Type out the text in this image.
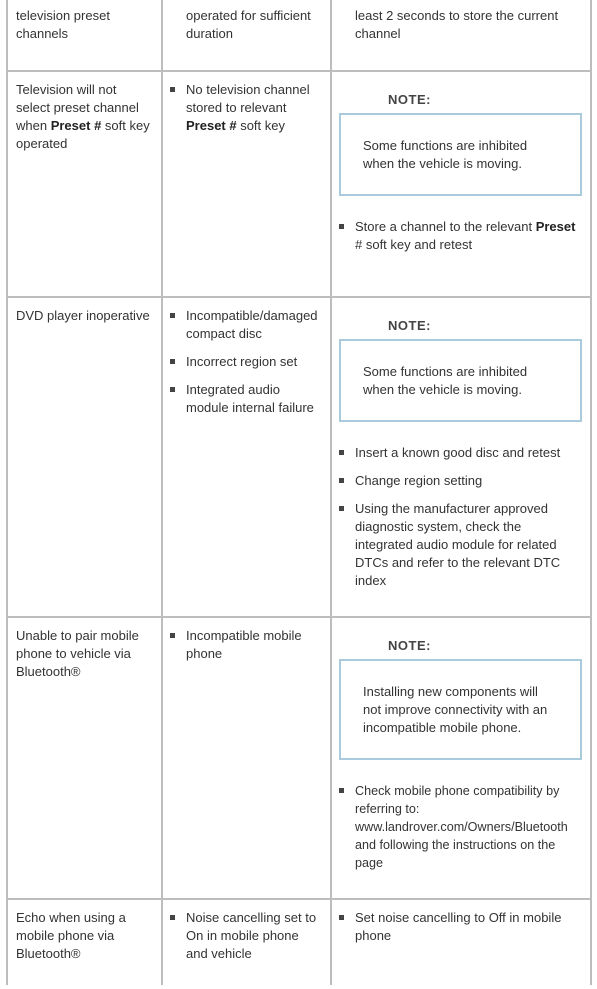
television preset
channels
operated for sufficient
duration
least 2 seconds to store the current
channel
Television will not
select preset channel
when Preset # soft key
operated
No television channel
stored to relevant
Preset # soft key
NOTE:
Some functions are inhibited
when the vehicle is moving.
Store a channel to the relevant Preset
# soft key and retest
DVD player inoperative	Incompatible/damaged
compact disc
Incorrect region set
Integrated audio
module internal failure
NOTE:
Some functions are inhibited
when the vehicle is moving.
Insert a known good disc and retest
Change region setting
Using the manufacturer approved
diagnostic system, check the
integrated audio module for related
DTCs and refer to the relevant DTC
index
Unable to pair mobile
phone to vehicle via
Bluetooth®
Incompatible mobile
phone
NOTE:
Installing new components will
not improve connectivity with an
incompatible mobile phone.
Check mobile phone compatibility by
referring to:
www.landrover.com/Owners/Bluetooth
and following the instructions on the
page
Echo when using a
mobile phone via
Bluetooth®
Noise cancelling set to
On in mobile phone
and vehicle
Set noise cancelling to Off in mobile
phone
